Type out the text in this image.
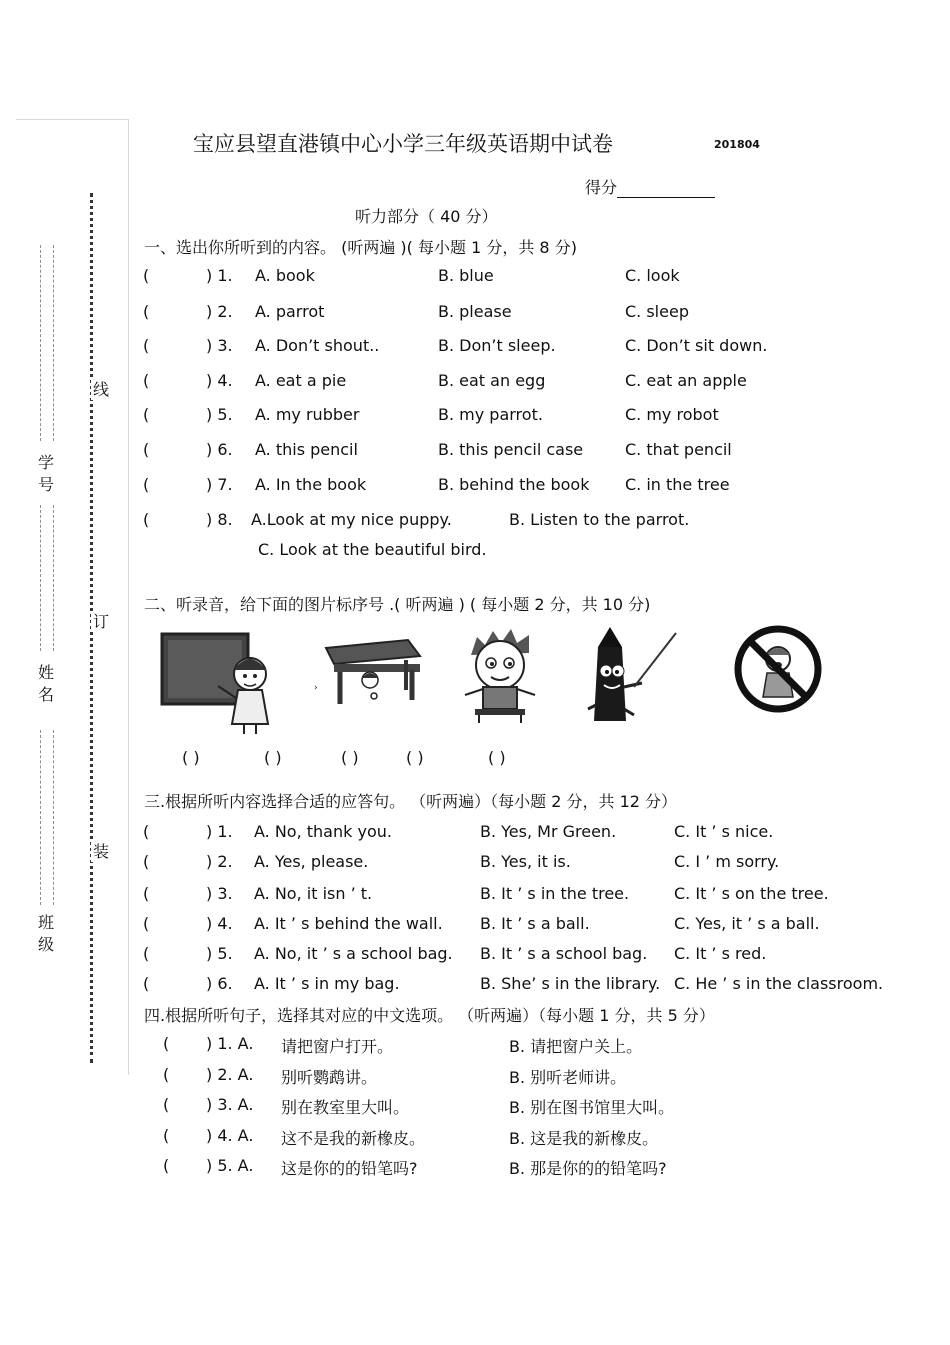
线
订
装
学号
姓名
班级
宝应县望直港镇中心小学三年级英语期中试卷	201804
得分
听力部分（ 40 分）
一、选出你所听到的内容。 (听两遍 )( 每小题 1 分，共 8 分)
(	) 1. A. book	B. blue	C. look
(	) 2. A. parrot	B. please	C. sleep
(	) 3. A. Don’t shout..	B. Don’t sleep.	C. Don’t sit down.
(	) 4. A. eat a pie	B. eat an egg	C. eat an apple
(	) 5. A. my rubber	B. my parrot.	C. my robot
(	) 6. A. this pencil	B. this pencil case	C. that pencil
(	) 7. A. In the book	B. behind the book C. in the tree
(	) 8. A.Look at my nice puppy.	B. Listen to the parrot.
C. Look at the beautiful bird.
二、听录音，给下面的图片标序号 .( 听两遍 ) ( 每小题 2 分，共 10 分)
›
( )	( )	( )	( )	( )
三.根据所听内容选择合适的应答句。 （听两遍）（每小题 2 分，共 12 分）
(	) 1. A. No, thank you.	B. Yes, Mr Green.	C. It ’ s nice.
(	) 2. A. Yes, please.	B. Yes, it is.	C. I ’ m sorry.
(	) 3. A. No, it isn ’ t.	B. It ’ s in the tree.	C. It ’ s on the tree.
(	) 4. A. It ’ s behind the wall. B. It ’ s a ball.	C. Yes, it ’ s a ball.
(	) 5. A. No, it ’ s a school bag. B. It ’ s a school bag. C. It ’ s red.
(	) 6. A. It ’ s in my bag.	B. She’ s in the library. C. He ’ s in the classroom.
四.根据所听句子，选择其对应的中文选项。 （听两遍）（每小题 1 分，共 5 分）
( ) 1. A. 请把窗户打开。	B. 请把窗户关上。
( ) 2. A. 别听鹦鹉讲。	B. 别听老师讲。
( ) 3. A. 别在教室里大叫。	B. 别在图书馆里大叫。
( ) 4. A. 这不是我的新橡皮。	B. 这是我的新橡皮。
( ) 5. A. 这是你的的铅笔吗?	B. 那是你的的铅笔吗?
